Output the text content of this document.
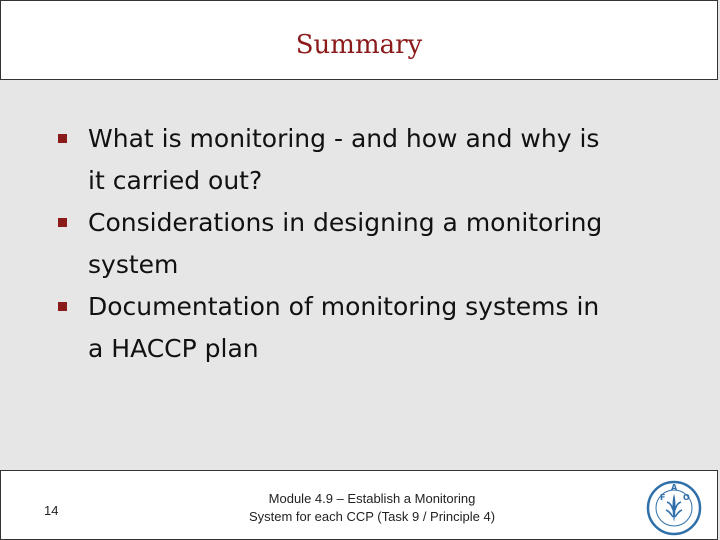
Summary
What is monitoring - and how and why is
it carried out?
Considerations in designing a monitoring
system
Documentation of monitoring systems in
a HACCP plan
14
Module 4.9 – Establish a Monitoring
System for each CCP (Task 9 / Principle 4)
F
A
O
